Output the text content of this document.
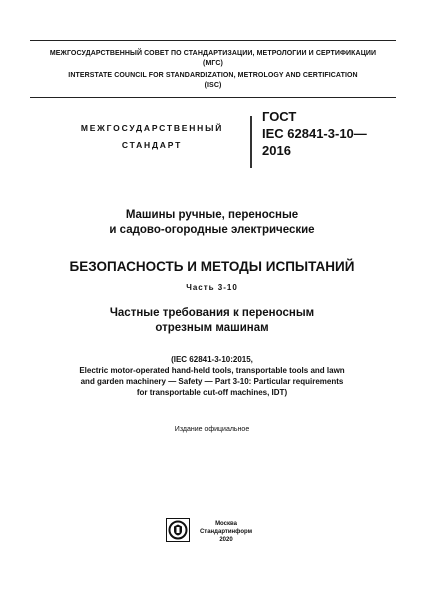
МЕЖГОСУДАРСТВЕННЫЙ СОВЕТ ПО СТАНДАРТИЗАЦИИ, МЕТРОЛОГИИ И СЕРТИФИКАЦИИ
(МГС)
INTERSTATE COUNCIL FOR STANDARDIZATION, METROLOGY AND CERTIFICATION
(ISC)
МЕЖГОСУДАРСТВЕННЫЙ
СТАНДАРТ
ГОСТ
IEC 62841-3-10—
2016
Машины ручные, переносные
и садово-огородные электрические
БЕЗОПАСНОСТЬ И МЕТОДЫ ИСПЫТАНИЙ
Часть 3-10
Частные требования к переносным
отрезным машинам
(IEC 62841-3-10:2015,
Electric motor-operated hand-held tools, transportable tools and lawn
and garden machinery — Safety — Part 3-10: Particular requirements
for transportable cut-off machines, IDT)
Издание официальное
Москва
Стандартинформ
2020
